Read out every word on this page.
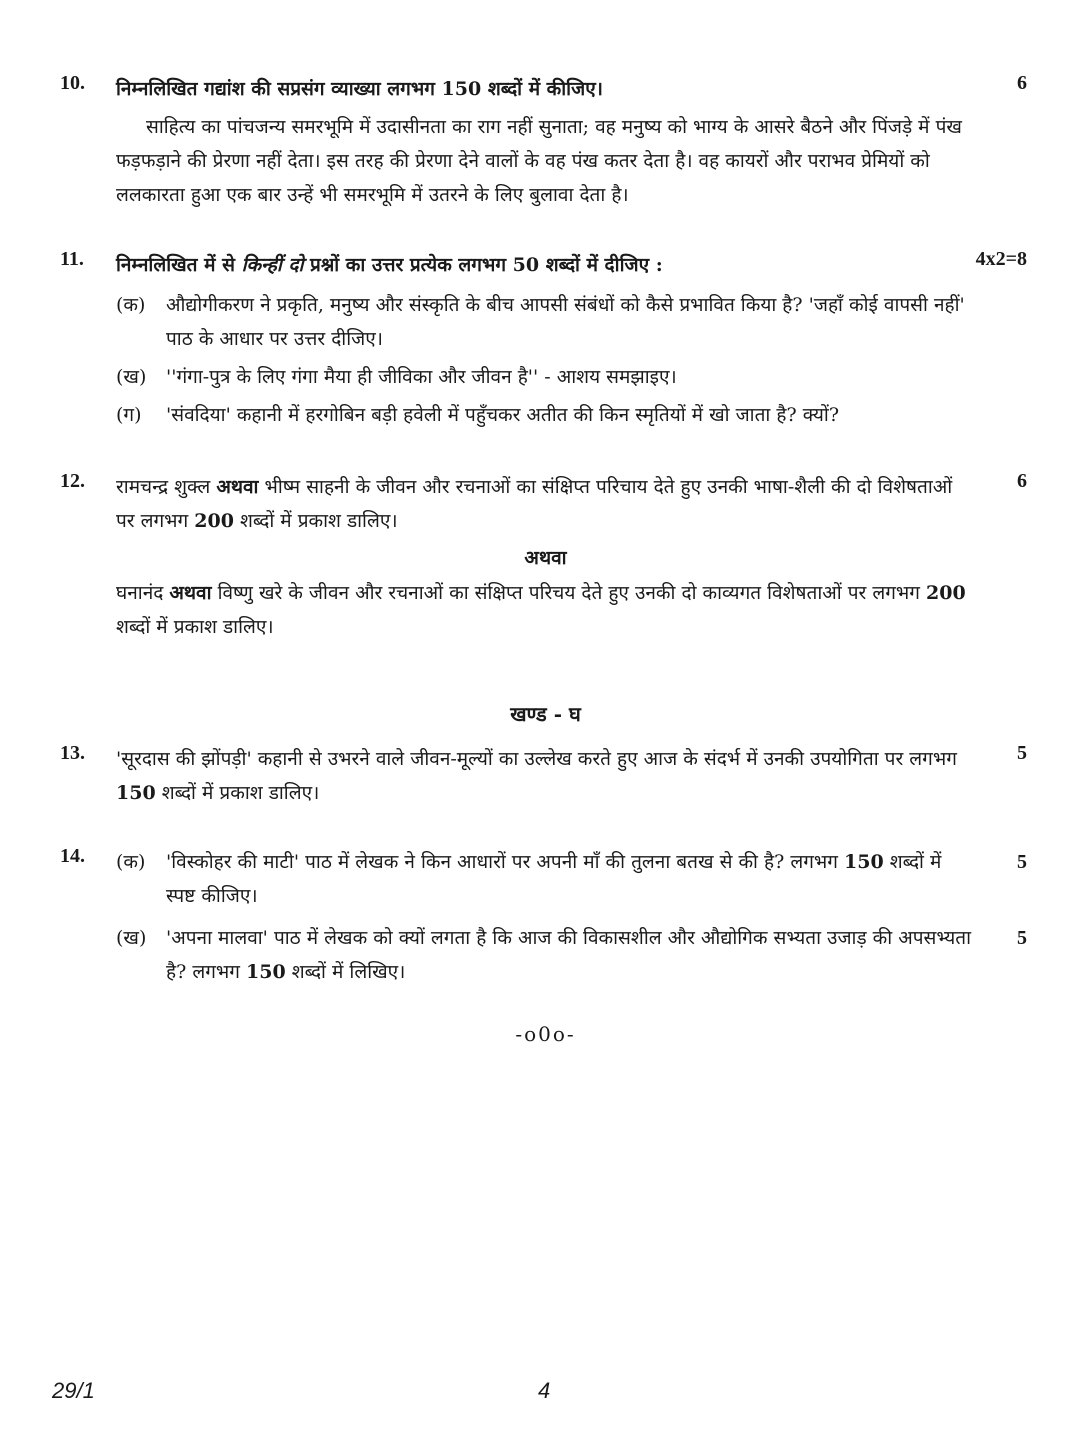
10.	6
निम्नलिखित गद्यांश की सप्रसंग व्याख्या लगभग 150 शब्दों में कीजिए।
साहित्य का पांचजन्य समरभूमि में उदासीनता का राग नहीं सुनाता; वह मनुष्य को भाग्य के आसरे बैठने और पिंजड़े में पंख फड़फड़ाने की प्रेरणा नहीं देता। इस तरह की प्रेरणा देने वालों के वह पंख कतर देता है। वह कायरों और पराभव प्रेमियों को ललकारता हुआ एक बार उन्हें भी समरभूमि में उतरने के लिए बुलावा देता है।
11.	4x2=8
निम्नलिखित में से किन्हीं दो प्रश्नों का उत्तर प्रत्येक लगभग 50 शब्दों में दीजिए :
(क) औद्योगीकरण ने प्रकृति, मनुष्य और संस्कृति के बीच आपसी संबंधों को कैसे प्रभावित किया है? 'जहाँ कोई वापसी नहीं' पाठ के आधार पर उत्तर दीजिए।
(ख) ''गंगा-पुत्र के लिए गंगा मैया ही जीविका और जीवन है'' - आशय समझाइए।
(ग) 'संवदिया' कहानी में हरगोबिन बड़ी हवेली में पहुँचकर अतीत की किन स्मृतियों में खो जाता है? क्यों?
12.	6
रामचन्द्र शुक्ल अथवा भीष्म साहनी के जीवन और रचनाओं का संक्षिप्त परिचाय देते हुए उनकी भाषा-शैली की दो विशेषताओं पर लगभग 200 शब्दों में प्रकाश डालिए।
अथवा
घनानंद अथवा विष्णु खरे के जीवन और रचनाओं का संक्षिप्त परिचय देते हुए उनकी दो काव्यगत विशेषताओं पर लगभग 200 शब्दों में प्रकाश डालिए।
खण्ड - घ
13.	5
'सूरदास की झोंपड़ी' कहानी से उभरने वाले जीवन-मूल्यों का उल्लेख करते हुए आज के संदर्भ में उनकी उपयोगिता पर लगभग 150 शब्दों में प्रकाश डालिए।
14. (क)	5
'विस्कोहर की माटी' पाठ में लेखक ने किन आधारों पर अपनी माँ की तुलना बतख से की है? लगभग 150 शब्दों में स्पष्ट कीजिए।
(ख)	5
'अपना मालवा' पाठ में लेखक को क्यों लगता है कि आज की विकासशील और औद्योगिक सभ्यता उजाड़ की अपसभ्यता है? लगभग 150 शब्दों में लिखिए।
-o0o-
29/1	4
